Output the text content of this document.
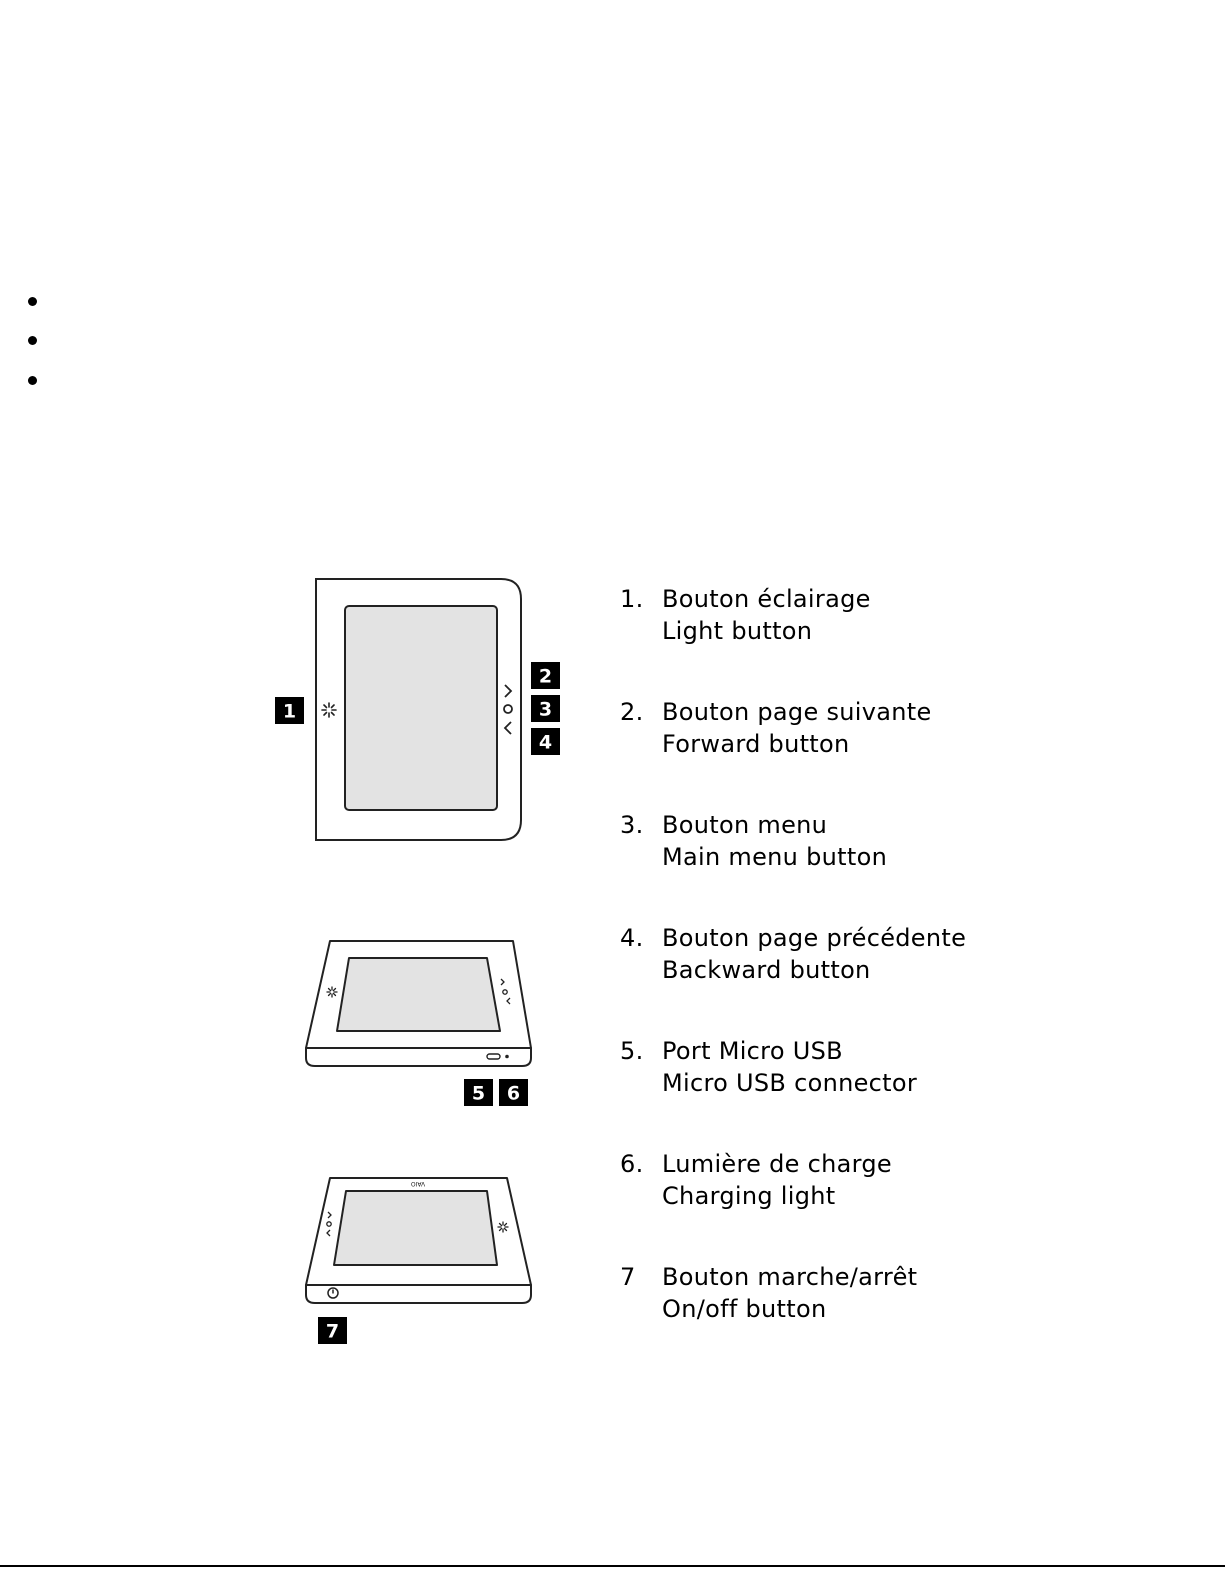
1
2
3
4
5 6
VAIO
7
1. Bouton éclairage
Light button
2. Bouton page suivante
Forward button
3. Bouton menu
Main menu button
4. Bouton page précédente
Backward button
5. Port Micro USB
Micro USB connector
6. Lumière de charge
Charging light
7 Bouton marche/arrêt
On/off button
